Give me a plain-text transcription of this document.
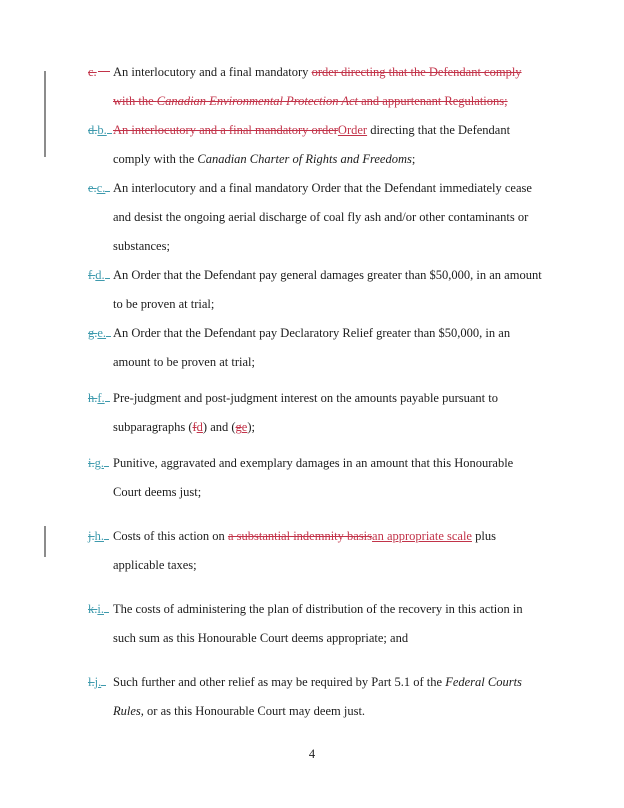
c. An interlocutory and a final mandatory order directing that the Defendant comply
with the Canadian Environmental Protection Act and appurtenant Regulations;
d.b. An interlocutory and a final mandatory orderOrder directing that the Defendant
comply with the Canadian Charter of Rights and Freedoms;
e.c. An interlocutory and a final mandatory Order that the Defendant immediately cease
and desist the ongoing aerial discharge of coal fly ash and/or other contaminants or
substances;
f.d. An Order that the Defendant pay general damages greater than $50,000, in an amount
to be proven at trial;
g.e. An Order that the Defendant pay Declaratory Relief greater than $50,000, in an
amount to be proven at trial;
h.f. Pre-judgment and post-judgment interest on the amounts payable pursuant to
subparagraphs (fd) and (ge);
i.g. Punitive, aggravated and exemplary damages in an amount that this Honourable
Court deems just;
j.h. Costs of this action on a substantial indemnity basisan appropriate scale plus
applicable taxes;
k.i. The costs of administering the plan of distribution of the recovery in this action in
such sum as this Honourable Court deems appropriate; and
l.j. Such further and other relief as may be required by Part 5.1 of the Federal Courts
Rules, or as this Honourable Court may deem just.
4
